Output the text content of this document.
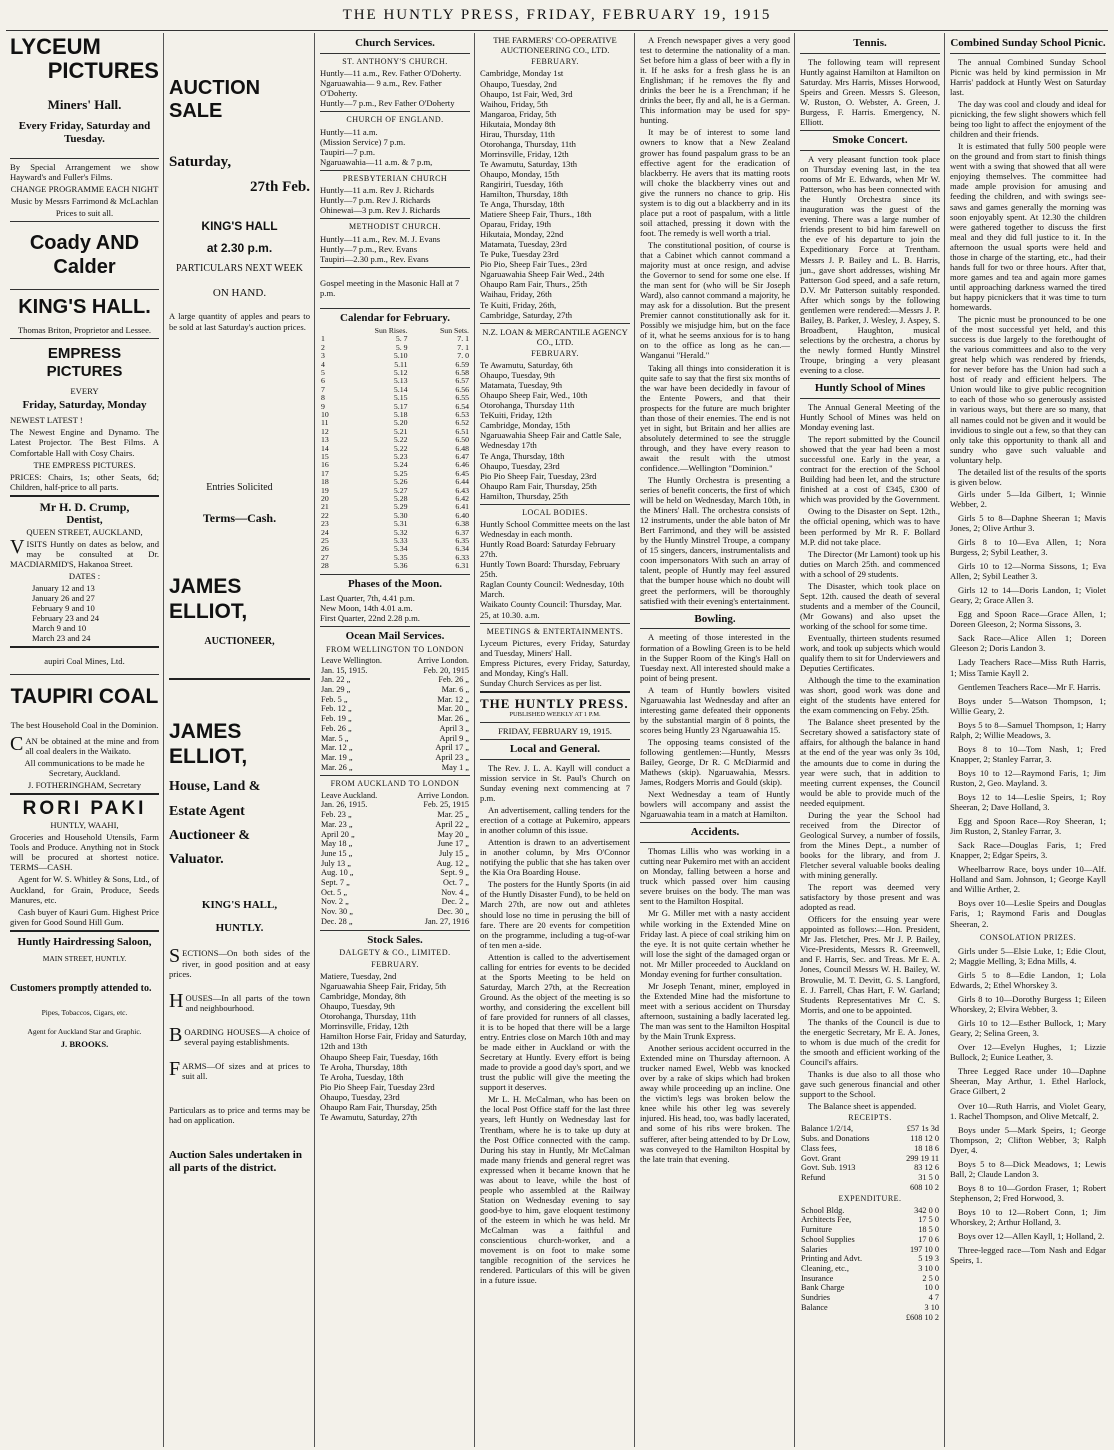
THE HUNTLY PRESS, FRIDAY, FEBRUARY 19, 1915
LYCEUM
PICTURES
Miners' Hall.
Every Friday, Saturday and Tuesday.

By Special Arrangement we show Hayward's and Fuller's Films.

CHANGE PROGRAMME EACH NIGHT

Music by Messrs Farrimond & McLachlan

Prices to suit all.

Coady AND Calder
KING'S HALL.

Thomas Briton, Proprietor and Lessee.

EMPRESS PICTURES

EVERY

Friday, Saturday, Monday

NEWEST LATEST !

The Newest Engine and Dynamo. The Latest Projector. The Best Films. A Comfortable Hall with Cosy Chairs.

THE EMPRESS PICTURES.

PRICES: Chairs, 1s; other Seats, 6d; Children, half-price to all parts.

Mr H. D. Crump,
Dentist,

QUEEN STREET, AUCKLAND,

VISITS Huntly on dates as below, and may be consulted at Dr. MACDIARMID'S, Hakanoa Street.

DATES :

January 12 and 13
January 26 and 27
February 9 and 10
February 23 and 24
March 9 and 10
March 23 and 24

aupiri Coal Mines, Ltd.

TAUPIRI COAL

The best Household Coal in the Dominion.

CAN be obtained at the mine and from all coal dealers in the Waikato.

All communications to be made he Secretary, Auckland.

J. FOTHERINGHAM, Secretary

RORI PAKI

HUNTLY, WAAHI,

Groceries and Household Utensils, Farm Tools and Produce. Anything not in Stock will be procured at shortest notice. TERMS—CASH.

Agent for W. S. Whitley & Sons, Ltd., of Auckland, for Grain, Produce, Seeds Manures, etc.

Cash buyer of Kauri Gum. Highest Price given for Good Sound Hill Gum.

Huntly Hairdressing Saloon,

MAIN STREET, HUNTLY.

Customers promptly attended to.

Pipes, Tobaccos, Cigars, etc.

Agent for Auckland Star and Graphic.

J. BROOKS.

AUCTION SALE
Saturday,
27th Feb.
KING'S HALL
at 2.30 p.m.

PARTICULARS NEXT WEEK

ON HAND.

A large quantity of apples and pears to be sold at last Saturday's auction prices.

Entries Solicited

Terms—Cash.
JAMES ELLIOT,

AUCTIONEER,

JAMES ELLIOT,
House, Land &
Estate Agent
Auctioneer &
Valuator.
KING'S HALL,
HUNTLY.

SECTIONS—On both sides of the river, in good position and at easy prices.

HOUSES—In all parts of the town and neighbourhood.

BOARDING HOUSES—A choice of several paying establishments.

FARMS—Of sizes and at prices to suit all.

Particulars as to price and terms may be had on application.

Auction Sales undertaken in all parts of the district.
Church Services.

ST. ANTHONY'S CHURCH.

Huntly—11 a.m., Rev. Father O'Doherty.
Ngaruawahia— 9 a.m., Rev. Father O'Doherty.
Huntly—7 p.m., Rev Father O'Doherty

CHURCH OF ENGLAND.

Huntly—11 a.m.
(Mission Service) 7 p.m.
Taupiri—7 p.m.
Ngaruawahia—11 a.m. & 7 p.m,

PRESBYTERIAN CHURCH

Huntly—11 a.m. Rev J. Richards
Huntly—7 p.m. Rev J. Richards
Ohinewai—3 p.m. Rev J. Richards

METHODIST CHURCH.

Huntly—11 a.m., Rev. M. J. Evans
Huntly—7 p.m., Rev. Evans
Taupiri—2.30 p.m., Rev. Evans

Gospel meeting in the Masonic Hall at 7 p.m.

Calendar for February.
	Sun Rises.	Sun Sets.
1	5. 7	7. 1
2	5. 9	7. 1
3	5.10	7. 0
4	5.11	6.59
5	5.12	6.58
6	5.13	6.57
7	5.14	6.56
8	5.15	6.55
9	5.17	6.54
10	5.18	6.53
11	5.20	6.52
12	5.21	6.51
13	5.22	6.50
14	5.22	6.48
15	5.23	6.47
16	5.24	6.46
17	5.25	6.45
18	5.26	6.44
19	5.27	6.43
20	5.28	6.42
21	5.29	6.41
22	5.30	6.40
23	5.31	6.38
24	5.32	6.37
25	5.33	6.35
26	5.34	6.34
27	5.35	6.33
28	5.36	6.31
Phases of the Moon.

Last Quarter, 7th, 4.41 p.m.
New Moon, 14th 4.01 a.m.
First Quarter, 22nd 2.28 p.m.

Ocean Mail Services.

FROM WELLINGTON TO LONDON

Leave Wellington.	Arrive London.
Jan. 15, 1915.	Feb. 20, 1915
Jan. 22 „	Feb. 26 „
Jan. 29 „	Mar. 6 „
Feb. 5 „	Mar. 12 „
Feb. 12 „	Mar. 20 „
Feb. 19 „	Mar. 26 „
Feb. 26 „	April 3 „
Mar. 5 „	April 9 „
Mar. 12 „	April 17 „
Mar. 19 „	April 23 „
Mar. 26 „	May 1 „

FROM AUCKLAND TO LONDON

Leave Auckland.	Arrive London.
Jan. 26, 1915.	Feb. 25, 1915
Feb. 23 „	Mar. 25 „
Mar. 23 „	April 22 „
April 20 „	May 20 „
May 18 „	June 17 „
June 15 „	July 15 „
July 13 „	Aug. 12 „
Aug. 10 „	Sept. 9 „
Sept. 7 „	Oct. 7 „
Oct. 5 „	Nov. 4 „
Nov. 2 „	Dec. 2 „
Nov. 30 „	Dec. 30 „
Dec. 28 „	Jan. 27, 1916
Stock Sales.

DALGETY & CO., LIMITED.

FEBRUARY.

Matiere, Tuesday, 2nd
Ngaruawahia Sheep Fair, Friday, 5th
Cambridge, Monday, 8th
Ohaupo, Tuesday, 9th
Otorohanga, Thursday, 11th
Morrinsville, Friday, 12th
Hamilton Horse Fair, Friday and Saturday, 12th and 13th
Ohaupo Sheep Fair, Tuesday, 16th
Te Aroha, Thursday, 18th
Te Aroha, Tuesday, 18th
Pio Pio Sheep Fair, Tuesday 23rd
Ohaupo, Tuesday, 23rd
Ohaupo Ram Fair, Thursday, 25th
Te Awamutu, Saturday, 27th

THE FARMERS' CO-OPERATIVE AUCTIONEERING CO., LTD.

FEBRUARY.

Cambridge, Monday 1st
Ohaupo, Tuesday, 2nd
Ohaupo, 1st Fair, Wed, 3rd
Waihou, Friday, 5th
Mangaroa, Friday, 5th
Hikutaia, Monday 8th
Hirau, Thursday, 11th
Otorohanga, Thursday, 11th
Morrinsville, Friday, 12th
Te Awamutu, Saturday, 13th
Ohaupo, Monday, 15th
Rangiriri, Tuesday, 16th
Hamilton, Thursday, 18th
Te Anga, Thursday, 18th
Matiere Sheep Fair, Thurs., 18th
Oparau, Friday, 19th
Hikutaia, Monday, 22nd
Matamata, Tuesday, 23rd
Te Puke, Tuesday 23rd
Pio Pio, Sheep Fair Tues., 23rd
Ngaruawahia Sheep Fair Wed., 24th
Ohaupo Ram Fair, Thurs., 25th
Waihau, Friday, 26th
Te Kuiti, Friday, 26th,
Cambridge, Saturday, 27th

N.Z. LOAN & MERCANTILE AGENCY CO., LTD.

FEBRUARY.

Te Awamutu, Saturday, 6th
Ohaupo, Tuesday, 9th
Matamata, Tuesday, 9th
Ohaupo Sheep Fair, Wed., 10th
Otorohanga, Thursday 11th
TeKuiti, Friday, 12th
Cambridge, Monday, 15th
Ngaruawahia Sheep Fair and Cattle Sale, Wednesday 17th
Te Anga, Thursday, 18th
Ohaupo, Tuesday, 23rd
Pio Pio Sheep Fair, Tuesday, 23rd
Ohaupo Ram Fair, Thursday, 25th
Hamilton, Thursday, 25th

LOCAL BODIES.

Huntly School Committee meets on the last Wednesday in each month.
Huntly Road Board: Saturday February 27th.
Huntly Town Board: Thursday, February 25th.
Raglan County Council: Wednesday, 10th March.
Waikato County Council: Thursday, Mar. 25, at 10.30. a.m.

MEETINGS & ENTERTAINMENTS.

Lyceum Pictures, every Friday, Saturday and Tuesday, Miners' Hall.
Empress Pictures, every Friday, Saturday, and Monday, King's Hall.
Sunday Church Services as per list.

THE HUNTLY PRESS.

PUBLISHED WEEKLY AT 1 P.M.

FRIDAY, FEBRUARY 19, 1915.

Local and General.

The Rev. J. L. A. Kayll will conduct a mission service in St. Paul's Church on Sunday evening next commencing at 7 p.m.

An advertisement, calling tenders for the erection of a cottage at Pukemiro, appears in another column of this issue.

Attention is drawn to an advertisement in another column, by Mrs O'Connor notifying the public that she has taken over the Kia Ora Boarding House.

The posters for the Huntly Sports (in aid of the Huntly Disaster Fund), to be held on March 27th, are now out and athletes should lose no time in perusing the bill of fare. There are 20 events for competition on the programme, including a tug-of-war of ten men a-side.

Attention is called to the advertisement calling for entries for events to be decided at the Sports Meeting to be held on Saturday, March 27th, at the Recreation Ground. As the object of the meeting is so worthy, and considering the excellent bill of fare provided for runners of all classes, it is to be hoped that there will be a large entry. Entries close on March 10th and may be made either in Auckland or with the Secretary at Huntly. Every effort is being made to provide a good day's sport, and we trust the public will give the meeting the support it deserves.

Mr L. H. McCalman, who has been on the local Post Office staff for the last three years, left Huntly on Wednesday last for Trentham, where he is to take up duty at the Post Office connected with the camp. During his stay in Huntly, Mr McCalman made many friends and general regret was expressed when it became known that he was about to leave, while the host of people who assembled at the Railway Station on Wednesday evening to say good-bye to him, gave eloquent testimony of the esteem in which he was held. Mr McCalman was a faithful and conscientious church-worker, and a movement is on foot to make some tangible recognition of the services he rendered. Particulars of this will be given in a future issue.

A French newspaper gives a very good test to determine the nationality of a man. Set before him a glass of beer with a fly in it. If he asks for a fresh glass he is an Englishman; if he removes the fly and drinks the beer he is a Frenchman; if he drinks the beer, fly and all, he is a German. This information may be used for spy-hunting.

It may be of interest to some land owners to know that a New Zealand grower has found paspalum grass to be an effective agent for the eradication of blackberry. He avers that its matting roots will choke the blackberry vines out and give the runners no chance to grip. His system is to dig out a blackberry and in its place put a root of paspalum, with a little soil attached, pressing it down with the foot. The remedy is well worth a trial.

The constitutional position, of course is that a Cabinet which cannot command a majority must at once resign, and advise the Governor to send for some one else. If the man sent for (who will be Sir Joseph Ward), also cannot command a majority, he may ask for a dissolution. But the present Premier cannot constitutionally ask for it. Possibly we misjudge him, but on the face of it, what he seems anxious for is to hang on to the office as long as he can.—Wanganui "Herald."

Taking all things into consideration it is quite safe to say that the first six months of the war have been decidedly in favour of the Entente Powers, and that their prospects for the future are much brighter than those of their enemies. The end is not yet in sight, but Britain and her allies are absolutely determined to see the struggle through, and they have every reason to await the result with the utmost confidence.—Wellington "Dominion."

The Huntly Orchestra is presenting a series of benefit concerts, the first of which will be held on Wednesday, March 10th, in the Miners' Hall. The orchestra consists of 12 instruments, under the able baton of Mr Bert Farrimond, and they will be assisted by the Huntly Minstrel Troupe, a company of 15 singers, dancers, instrumentalists and coon impersonators With such an array of talent, people of Huntly may feel assured that the bumper house which no doubt will greet the performers, will be thoroughly satisfied with their evening's entertainment.

Bowling.

A meeting of those interested in the formation of a Bowling Green is to be held in the Supper Room of the King's Hall on Tuesday next. All interested should make a point of being present.

A team of Huntly bowlers visited Ngaruawahia last Wednesday and after an interesting game defeated their opponents by the substantial margin of 8 points, the scores being Huntly 23 Ngaruawahia 15.

The opposing teams consisted of the following gentlemen:—Huntly, Messrs Bailey, George, Dr R. C McDiarmid and Mathews (skip). Ngaruawahia, Messrs. James, Rodgers Morris and Gould (skip).

Next Wednesday a team of Huntly bowlers will accompany and assist the Ngaruawahia team in a match at Hamilton.

Accidents.

Thomas Lillis who was working in a cutting near Pukemiro met with an accident on Monday, falling between a horse and truck which passed over him causing severe bruises on the body. The man was sent to the Hamilton Hospital.

Mr G. Miller met with a nasty accident while working in the Extended Mine on Friday last. A piece of coal striking him on the eye. It is not quite certain whether he will lose the sight of the damaged organ or not. Mr Miller proceeded to Auckland on Monday evening for further consultation.

Mr Joseph Tenant, miner, employed in the Extended Mine had the misfortune to meet with a serious accident on Thursday afternoon, sustaining a badly lacerated leg. The man was sent to the Hamilton Hospital by the Main Trunk Express.

Another serious accident occurred in the Extended mine on Thursday afternoon. A trucker named Ewel, Webb was knocked over by a rake of skips which had broken away while proceeding up an incline. One the victim's legs was broken below the knee while his other leg was severely injured. His head, too, was badly lacerated, and some of his ribs were broken. The sufferer, after being attended to by Dr Low, was conveyed to the Hamilton Hospital by the late train that evening.

Tennis.

The following team will represent Huntly against Hamilton at Hamilton on Saturday. Mrs Harris, Misses Horwood, Speirs and Green. Messrs S. Gleeson, W. Ruston, O. Webster, A. Green, J. Burgess, F. Harris. Emergency, N. Elliott.

Smoke Concert.

A very pleasant function took place on Thursday evening last, in the tea rooms of Mr E. Edwards, when Mr W. Patterson, who has been connected with the Huntly Orchestra since its inauguration was the guest of the evening. There was a large number of friends present to bid him farewell on the eve of his departure to join the Expeditionary Force at Trentham. Messrs J. P. Bailey and L. B. Harris, jun., gave short addresses, wishing Mr Patterson God speed, and a safe return, D.V. Mr Patterson suitably responded. After which songs by the following gentlemen were rendered:—Messrs J. P. Bailey, B. Parker, J. Wesley, J. Aspey, S. Broadbent, Haughton, musical selections by the orchestra, a chorus by the newly formed Huntly Minstrel Troupe, bringing a very pleasant evening to a close.

Huntly School of Mines

The Annual General Meeting of the Huntly School of Mines was held on Monday evening last.

The report submitted by the Council showed that the year had been a most successful one. Early in the year, a contract for the erection of the School Building had been let, and the structure finished at a cost of £345, £300 of which was provided by the Government.

Owing to the Disaster on Sept. 12th., the official opening, which was to have been performed by Mr R. F. Bollard M.P. did not take place.

The Director (Mr Lamont) took up his duties on March 25th. and commenced with a school of 29 students.

The Disaster, which took place on Sept. 12th. caused the death of several students and a member of the Council, (Mr Gowans) and also upset the working of the school for some time.

Eventually, thirteen students resumed work, and took up subjects which would qualify them to sit for Underviewers and Deputies Certificates.

Although the time to the examination was short, good work was done and eight of the students have entered for the exam commencing on Feby. 25th.

The Balance sheet presented by the Secretary showed a satisfactory state of affairs, for although the balance in hand at the end of the year was only 3s 10d, the amounts due to come in during the year were such, that in addition to meeting current expenses, the Council would be able to provide much of the needed equipment.

During the year the School had received from the Director of Geological Survey, a number of fossils, from the Mines Dept., a number of books for the library, and from J. Fletcher several valuable books dealing with mining generally.

The report was deemed very satisfactory by those present and was adopted as read.

Officers for the ensuing year were appointed as follows:—Hon. President, Mr Jas. Fletcher, Pres. Mr J. P. Bailey, Vice-Presidents, Messrs R. Greenwell, and F. Harris, Sec. and Treas. Mr E. A. Jones, Council Messrs W. H. Bailey, W. Browulie, M. T. Devitt, G. S. Langford, E. J. Farrell, Chas Hart, F. W. Garland; Students Representatives Mr C. S. Morris, and one to be appointed.

The thanks of the Council is due to the energetic Secretary, Mr E. A. Jones, to whom is due much of the credit for the smooth and efficient working of the Council's affairs.

Thanks is due also to all those who gave such generous financial and other support to the School.

The Balance sheet is appended.

RECEIPTS.

Balance 1/2/14,	£57 1s 3d
Subs. and Donations	118 12 0
Class fees,	18 18 6
Govt. Grant	299 19 11
Govt. Sub. 1913	83 12 6
Refund	31 5 0
	608 10 2

EXPENDITURE.

School Bldg.	342 0 0
Architects Fee,	17 5 0
Furniture	18 5 0
School Supplies	17 0 6
Salaries	197 10 0
Printing and Advt.	5 19 3
Cleaning, etc.,	3 10 0
Insurance	2 5 0
Bank Charge	10 0
Sundries	4 7
Balance	3 10
	£608 10 2
Combined Sunday School Picnic.

The annual Combined Sunday School Picnic was held by kind permission in Mr Harris' paddock at Huntly West on Saturday last.

The day was cool and cloudy and ideal for picnicking, the few slight showers which fell being too light to affect the enjoyment of the children and their friends.

It is estimated that fully 500 people were on the ground and from start to finish things went with a swing that showed that all were enjoying themselves. The committee had made ample provision for amusing and feeding the children, and with swings see-saws and games generally the morning was soon enjoyably spent. At 12.30 the children were gathered together to discuss the first meal and they did full justice to it. In the afternoon the usual sports were held and those in charge of the starting, etc., had their hands full for two or three hours. After that, more games and tea and again more games until approaching darkness warned the tired but happy picnickers that it was time to turn homewards.

The picnic must be pronounced to be one of the most successful yet held, and this success is due largely to the forethought of the various committees and also to the very great help which was rendered by friends, for never before has the Union had such a host of ready and efficient helpers. The Union would like to give public recognition to each of those who so generously assisted in various ways, but there are so many, that all names could not be given and it would be invidious to single out a few, so that they can only take this opportunity to thank all and sundry who gave such valuable and voluntary help.

The detailed list of the results of the sports is given below.

Girls under 5—Ida Gilbert, 1; Winnie Webber, 2.

Girls 5 to 8—Daphne Sheeran 1; Mavis Jones, 2; Olive Arthur 3.

Girls 8 to 10—Eva Allen, 1; Nora Burgess, 2; Sybil Leather, 3.

Girls 10 to 12—Norma Sissons, 1; Eva Allen, 2; Sybil Leather 3.

Girls 12 to 14—Doris Landon, 1; Violet Geary, 2; Grace Allen 3.

Egg and Spoon Race—Grace Allen, 1; Doreen Gleeson, 2; Norma Sissons, 3.

Sack Race—Alice Allen 1; Doreen Gleeson 2; Doris Landon 3.

Lady Teachers Race—Miss Ruth Harris, 1; Miss Tamie Kayll 2.

Gentlemen Teachers Race—Mr F. Harris.

Boys under 5—Watson Thompson, 1; Willie Geary, 2.

Boys 5 to 8—Samuel Thompson, 1; Harry Ralph, 2; Willie Meadows, 3.

Boys 8 to 10—Tom Nash, 1; Fred Knapper, 2; Stanley Farrar, 3.

Boys 10 to 12—Raymond Faris, 1; Jim Ruston, 2, Geo. Mayland. 3.

Boys 12 to 14—Leslie Speirs, 1; Roy Sheeran, 2; Dave Holland, 3.

Egg and Spoon Race—Roy Sheeran, 1; Jim Ruston, 2, Stanley Farrar, 3.

Sack Race—Douglas Faris, 1; Fred Knapper, 2; Edgar Speirs, 3.

Wheelbarrow Race, boys under 10—Alf. Holland and Sam. Johnson, 1; George Kayll and Willie Arther, 2.

Boys over 10—Leslie Speirs and Douglas Faris, 1; Raymond Faris and Douglas Sheeran, 2.

CONSOLATION PRIZES.

Girls under 5—Elsie Luke, 1; Edie Clout, 2; Maggie Melling, 3; Edna Mills, 4.

Girls 5 to 8—Edie Landon, 1; Lola Edwards, 2; Ethel Whorskey 3.

Girls 8 to 10—Dorothy Burgess 1; Eileen Whorskey, 2; Elvira Webber, 3.

Girls 10 to 12—Esther Bullock, 1; Mary Geary, 2; Selina Green, 3.

Over 12—Evelyn Hughes, 1; Lizzie Bullock, 2; Eunice Leather, 3.

Three Legged Race under 10—Daphne Sheeran, May Arthur, 1. Ethel Harlock, Grace Gilbert, 2

Over 10—Ruth Harris, and Violet Geary, 1. Rachel Thompson, and Olive Metcalf, 2.

Boys under 5—Mark Speirs, 1; George Thompson, 2; Clifton Webber, 3; Ralph Dyer, 4.

Boys 5 to 8—Dick Meadows, 1; Lewis Ball, 2; Claude Landon 3.

Boys 8 to 10—Gordon Fraser, 1; Robert Stephenson, 2; Fred Horwood, 3.

Boys 10 to 12—Robert Conn, 1; Jim Whorskey, 2; Arthur Holland, 3.

Boys over 12—Allen Kayll, 1; Holland, 2.

Three-legged race—Tom Nash and Edgar Speirs, 1.
